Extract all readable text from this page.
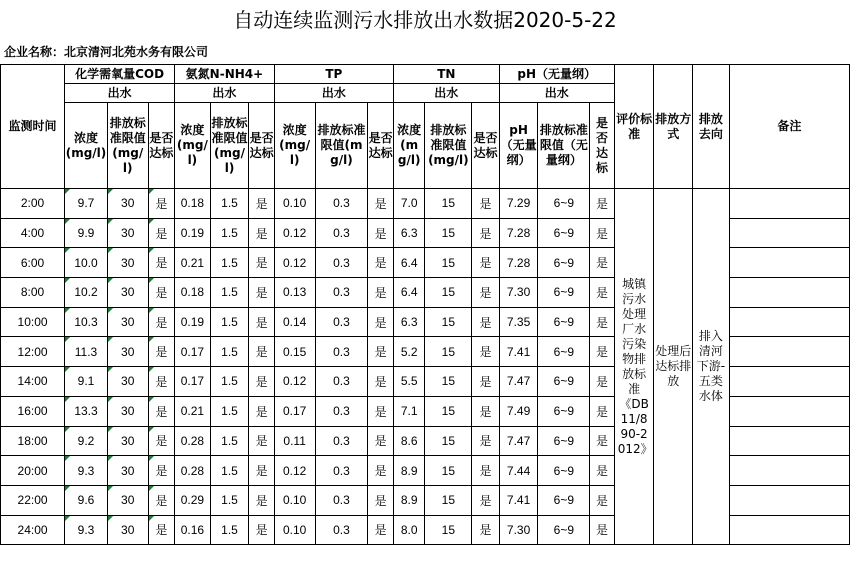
自动连续监测污水排放出水数据2020-5-22
企业名称：北京清河北苑水务有限公司
监测时间	化学需氧量COD			氨氮N-NH4+			TP			TN			pH（无量纲）			评价标准	排放方式	排放去向	备注
	出水			出水			出水			出水			出水						
	浓度(mg/l)	排放标准限值(mg/l)	是否达标	浓度(mg/l)	排放标准限值(mg/l)	是否达标	浓度(mg/l)	排放标准限值(mg/l)	是否达标	浓度(mg/l)	排放标准限值(mg/l)	是否达标	pH（无量纲）	排放标准限值（无量纲）	是否达标				
2:00	9.7	30	是	0.18	1.5	是	0.10	0.3	是	7.0	15	是	7.29	6~9	是	城镇污水处理厂水污染物排放标准《DB11/890-2012》	处理后达标排放	排入清河下游-五类水体	
4:00	9.9	30	是	0.19	1.5	是	0.12	0.3	是	6.3	15	是	7.28	6~9	是				
6:00	10.0	30	是	0.21	1.5	是	0.12	0.3	是	6.4	15	是	7.28	6~9	是				
8:00	10.2	30	是	0.18	1.5	是	0.13	0.3	是	6.4	15	是	7.30	6~9	是				
10:00	10.3	30	是	0.19	1.5	是	0.14	0.3	是	6.3	15	是	7.35	6~9	是				
12:00	11.3	30	是	0.17	1.5	是	0.15	0.3	是	5.2	15	是	7.41	6~9	是				
14:00	9.1	30	是	0.17	1.5	是	0.12	0.3	是	5.5	15	是	7.47	6~9	是				
16:00	13.3	30	是	0.21	1.5	是	0.17	0.3	是	7.1	15	是	7.49	6~9	是				
18:00	9.2	30	是	0.28	1.5	是	0.11	0.3	是	8.6	15	是	7.47	6~9	是				
20:00	9.3	30	是	0.28	1.5	是	0.12	0.3	是	8.9	15	是	7.44	6~9	是				
22:00	9.6	30	是	0.29	1.5	是	0.10	0.3	是	8.9	15	是	7.41	6~9	是				
24:00	9.3	30	是	0.16	1.5	是	0.10	0.3	是	8.0	15	是	7.30	6~9	是				
